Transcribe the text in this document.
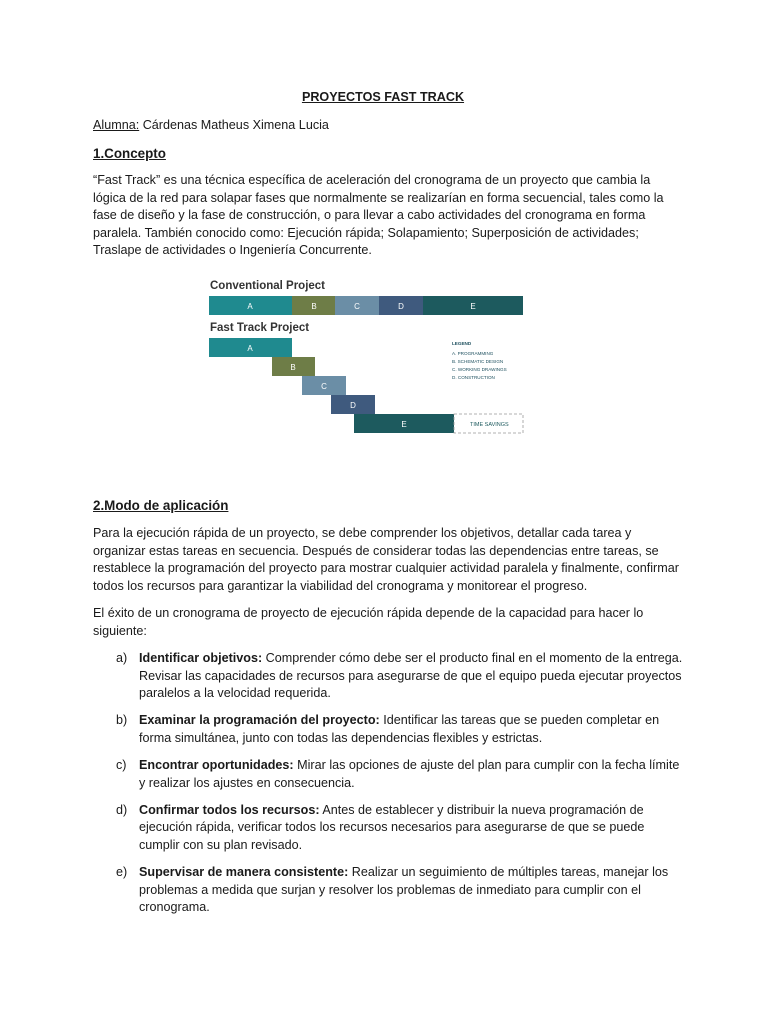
PROYECTOS FAST TRACK
Alumna: Cárdenas Matheus Ximena Lucia
1.Concepto

“Fast Track” es una técnica específica de aceleración del cronograma de un proyecto que cambia la lógica de la red para solapar fases que normalmente se realizarían en forma secuencial, tales como la fase de diseño y la fase de construcción, o para llevar a cabo actividades del cronograma en forma paralela. También conocido como: Ejecución rápida; Solapamiento; Superposición de actividades; Traslape de actividades o Ingeniería Concurrente.

Conventional Project
A	B	C	D	E
Fast Track Project
A
B
C
D
E	TIME SAVINGS
LEGEND
A. PROGRAMMING
B. SCHEMATIC DESIGN
C. WORKING DRAWINGS
D. CONSTRUCTION
2.Modo de aplicación

Para la ejecución rápida de un proyecto, se debe comprender los objetivos, detallar cada tarea y organizar estas tareas en secuencia. Después de considerar todas las dependencias entre tareas, se restablece la programación del proyecto para mostrar cualquier actividad paralela y finalmente, confirmar todos los recursos para garantizar la viabilidad del cronograma y monitorear el progreso.

El éxito de un cronograma de proyecto de ejecución rápida depende de la capacidad para hacer lo siguiente:

a) Identificar objetivos: Comprender cómo debe ser el producto final en el momento de la entrega. Revisar las capacidades de recursos para asegurarse de que el equipo pueda ejecutar proyectos paralelos a la velocidad requerida.
b) Examinar la programación del proyecto: Identificar las tareas que se pueden completar en forma simultánea, junto con todas las dependencias flexibles y estrictas.
c) Encontrar oportunidades: Mirar las opciones de ajuste del plan para cumplir con la fecha límite y realizar los ajustes en consecuencia.
d) Confirmar todos los recursos: Antes de establecer y distribuir la nueva programación de ejecución rápida, verificar todos los recursos necesarios para asegurarse de que se puede cumplir con su plan revisado.
e) Supervisar de manera consistente: Realizar un seguimiento de múltiples tareas, manejar los problemas a medida que surjan y resolver los problemas de inmediato para cumplir con el cronograma.
